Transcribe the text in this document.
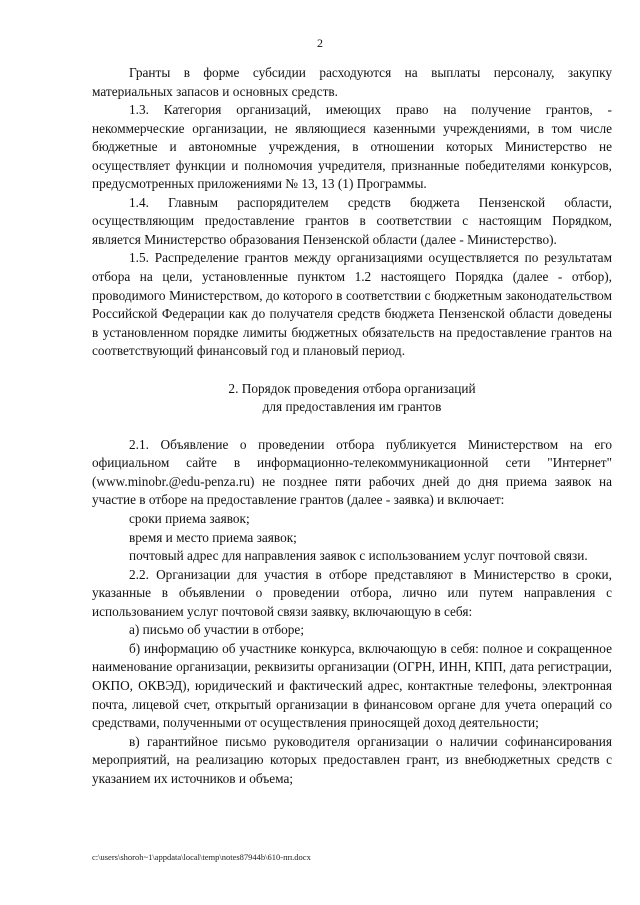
2

Гранты в форме субсидии расходуются на выплаты персоналу, закупку материальных запасов и основных средств.

1.3. Категория организаций, имеющих право на получение грантов, - некоммерческие организации, не являющиеся казенными учреждениями, в том числе бюджетные и автономные учреждения, в отношении которых Министерство не осуществляет функции и полномочия учредителя, признанные победителями конкурсов, предусмотренных приложениями № 13, 13 (1) Программы.

1.4. Главным распорядителем средств бюджета Пензенской области, осуществляющим предоставление грантов в соответствии с настоящим Порядком, является Министерство образования Пензенской области (далее - Министерство).

1.5. Распределение грантов между организациями осуществляется по результатам отбора на цели, установленные пунктом 1.2 настоящего Порядка (далее - отбор), проводимого Министерством, до которого в соответствии с бюджетным законодательством Российской Федерации как до получателя средств бюджета Пензенской области доведены в установленном порядке лимиты бюджетных обязательств на предоставление грантов на соответствующий финансовый год и плановый период.

2. Порядок проведения отбора организаций

для предоставления им грантов

2.1. Объявление о проведении отбора публикуется Министерством на его официальном сайте в информационно-телекоммуникационной сети "Интернет" (www.minobr.@edu-penza.ru) не позднее пяти рабочих дней до дня приема заявок на участие в отборе на предоставление грантов (далее - заявка) и включает:

сроки приема заявок;

время и место приема заявок;

почтовый адрес для направления заявок с использованием услуг почтовой связи.

2.2. Организации для участия в отборе представляют в Министерство в сроки, указанные в объявлении о проведении отбора, лично или путем направления с использованием услуг почтовой связи заявку, включающую в себя:

а) письмо об участии в отборе;

б) информацию об участнике конкурса, включающую в себя: полное и сокращенное наименование организации, реквизиты организации (ОГРН, ИНН, КПП, дата регистрации, ОКПО, ОКВЭД), юридический и фактический адрес, контактные телефоны, электронная почта, лицевой счет, открытый организации в финансовом органе для учета операций со средствами, полученными от осуществления приносящей доход деятельности;

в) гарантийное письмо руководителя организации о наличии софинансирования мероприятий, на реализацию которых предоставлен грант, из внебюджетных средств с указанием их источников и объема;

c:\users\shoroh~1\appdata\local\temp\notes87944b\610-пп.docx
